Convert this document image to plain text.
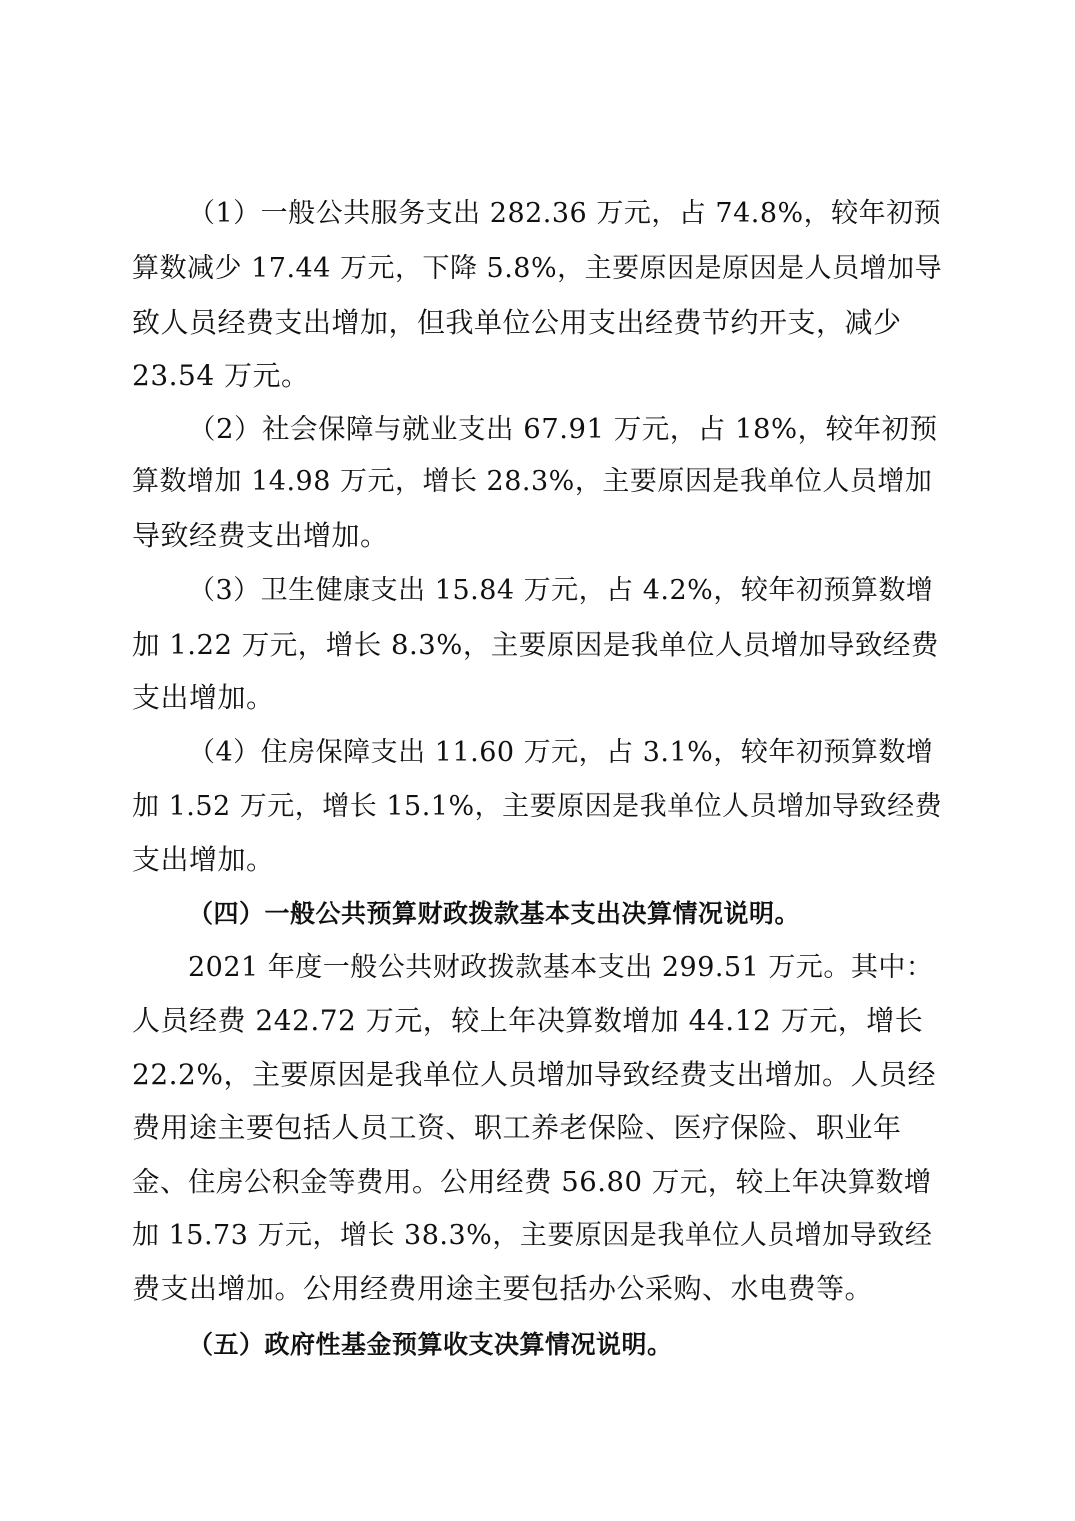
（1）一般公共服务支出 282.36 万元，占 74.8%，较年初预
算数减少 17.44 万元，下降 5.8%，主要原因是原因是人员增加导
致人员经费支出增加，但我单位公用支出经费节约开支，减少
23.54 万元。
（2）社会保障与就业支出 67.91 万元，占 18%，较年初预
算数增加 14.98 万元，增长 28.3%，主要原因是我单位人员增加
导致经费支出增加。
（3）卫生健康支出 15.84 万元，占 4.2%，较年初预算数增
加 1.22 万元，增长 8.3%，主要原因是我单位人员增加导致经费
支出增加。
（4）住房保障支出 11.60 万元，占 3.1%，较年初预算数增
加 1.52 万元，增长 15.1%，主要原因是我单位人员增加导致经费
支出增加。
（四）一般公共预算财政拨款基本支出决算情况说明。
2021 年度一般公共财政拨款基本支出 299.51 万元。其中：
人员经费 242.72 万元，较上年决算数增加 44.12 万元，增长
22.2%，主要原因是我单位人员增加导致经费支出增加。人员经
费用途主要包括人员工资、职工养老保险、医疗保险、职业年
金、住房公积金等费用。公用经费 56.80 万元，较上年决算数增
加 15.73 万元，增长 38.3%，主要原因是我单位人员增加导致经
费支出增加。公用经费用途主要包括办公采购、水电费等。
（五）政府性基金预算收支决算情况说明。
